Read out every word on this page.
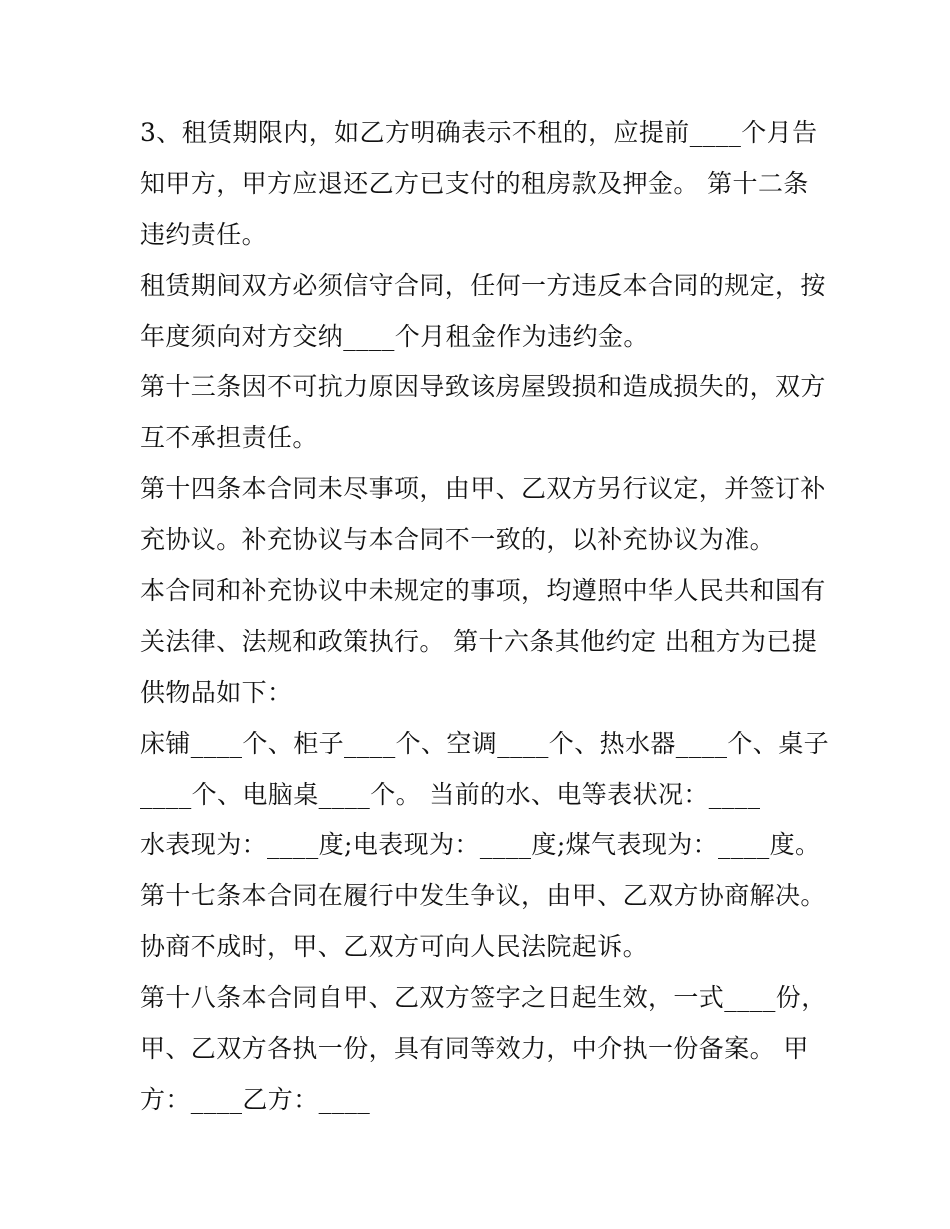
3、租赁期限内，如乙方明确表示不租的，应提前____个月告
知甲方，甲方应退还乙方已支付的租房款及押金。 第十二条
违约责任。
租赁期间双方必须信守合同，任何一方违反本合同的规定，按
年度须向对方交纳____个月租金作为违约金。
第十三条因不可抗力原因导致该房屋毁损和造成损失的，双方
互不承担责任。
第十四条本合同未尽事项，由甲、乙双方另行议定，并签订补
充协议。补充协议与本合同不一致的，以补充协议为准。
本合同和补充协议中未规定的事项，均遵照中华人民共和国有
关法律、法规和政策执行。 第十六条其他约定 出租方为已提
供物品如下：
床铺____个、柜子____个、空调____个、热水器____个、桌子
____个、电脑桌____个。 当前的水、电等表状况：____
水表现为：____度;电表现为：____度;煤气表现为：____度。
第十七条本合同在履行中发生争议，由甲、乙双方协商解决。
协商不成时，甲、乙双方可向人民法院起诉。
第十八条本合同自甲、乙双方签字之日起生效，一式____份，
甲、乙双方各执一份，具有同等效力，中介执一份备案。 甲
方：____乙方：____
